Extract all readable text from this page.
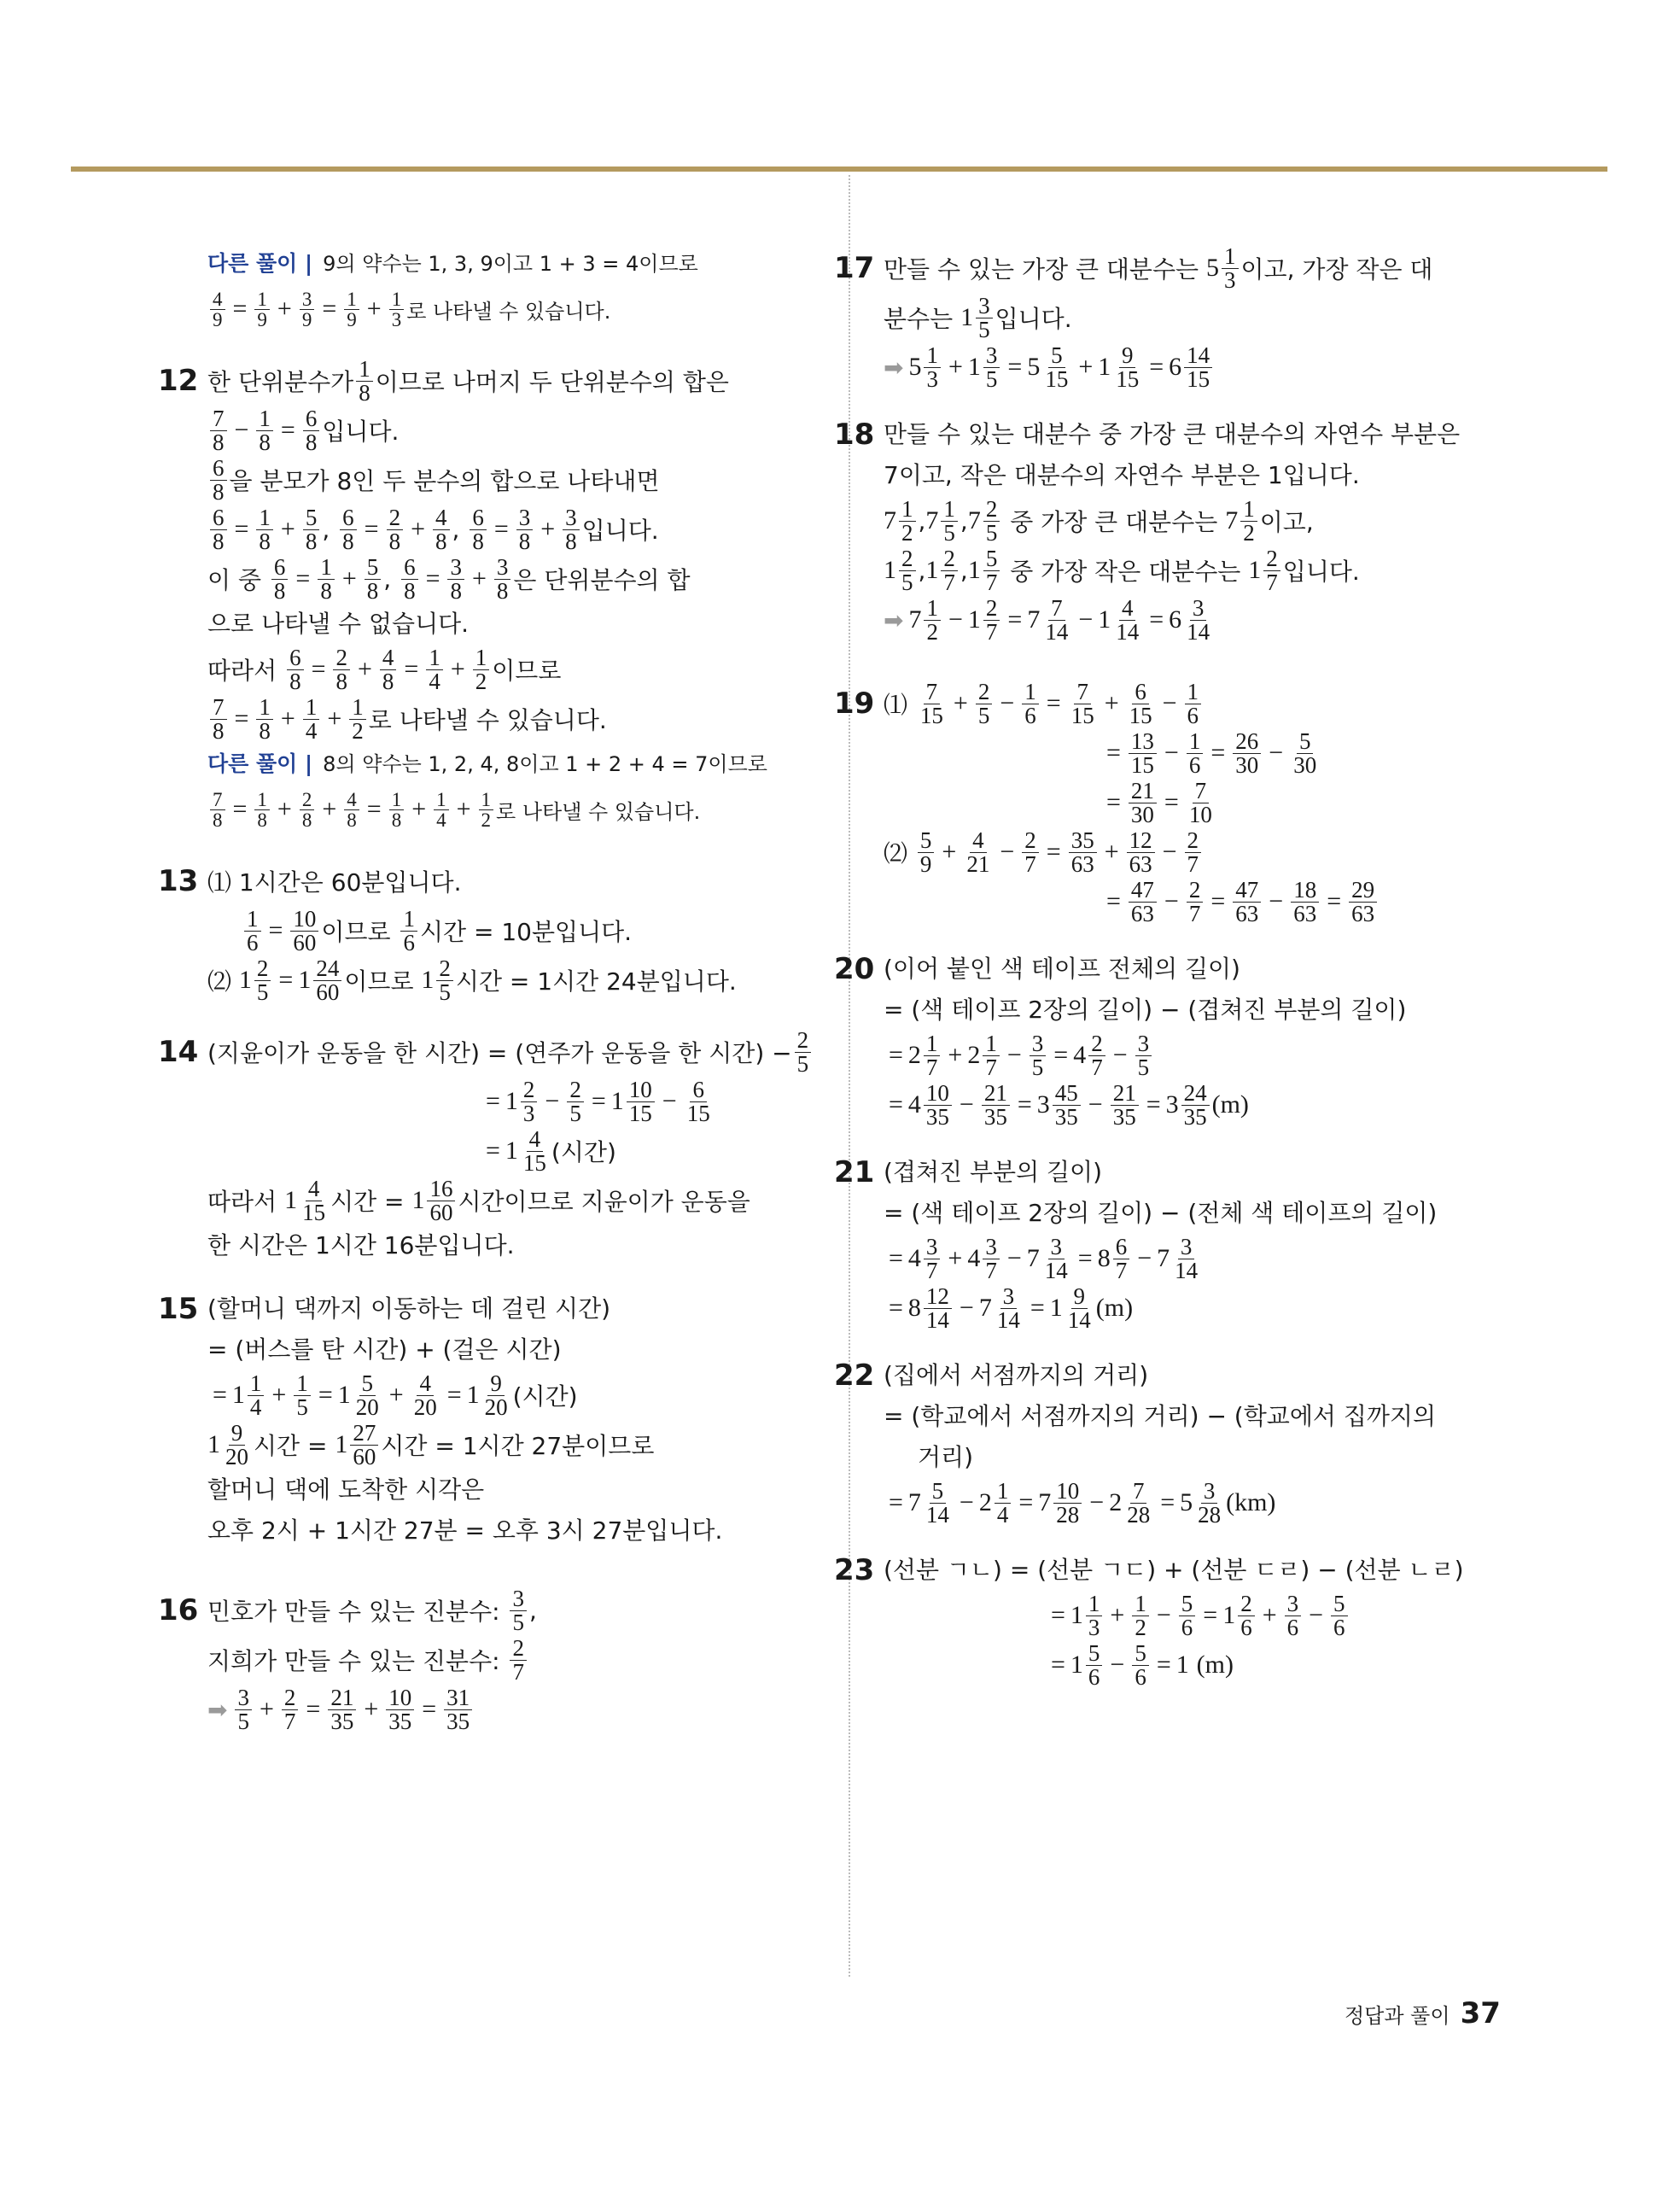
다른 풀이 | 9의 약수는 1, 3, 9이고 1 + 3 = 4이므로
$\frac{4}{9} = \frac{1}{9} + \frac{3}{9} = \frac{1}{9} + \frac{1}{3}$ 로 나타낼 수 있습니다.
12 한 단위분수가 $\frac{1}{8}$ 이므로 나머지 두 단위분수의 합은
$\frac{7}{8} - \frac{1}{8} = \frac{6}{8}$ 입니다.
$\frac{6}{8}$ 을 분모가 8인 두 분수의 합으로 나타내면
$\frac{6}{8} = \frac{1}{8} + \frac{5}{8}$ , $\frac{6}{8} = \frac{2}{8} + \frac{4}{8}$ , $\frac{6}{8} = \frac{3}{8} + \frac{3}{8}$ 입니다.
이 중
$\frac{6}{8} = \frac{1}{8} + \frac{5}{8}$ , $\frac{6}{8} = \frac{3}{8} + \frac{3}{8}$ 은 단위분수의 합
으로 나타낼 수 없습니다.
따라서
$\frac{6}{8} = \frac{2}{8} + \frac{4}{8} = \frac{1}{4} + \frac{1}{2}$ 이므로
$\frac{7}{8} = \frac{1}{8} + \frac{1}{4} + \frac{1}{2}$ 로 나타낼 수 있습니다.
다른 풀이 | 8의 약수는 1, 2, 4, 8이고 1 + 2 + 4 = 7이므로
$\frac{7}{8} = \frac{1}{8} + \frac{2}{8} + \frac{4}{8} = \frac{1}{8} + \frac{1}{4} + \frac{1}{2}$ 로 나타낼 수 있습니다.
13 ⑴ 1시간은 60분입니다.
$\frac{1}{6} = \frac{10}{60}$ 이므로
$\frac{1}{6}$ 시간 = 10분입니다.
⑵
$1 \frac{2}{5} = 1 \frac{24}{60}$ 이므로
$1 \frac{2}{5}$ 시간 = 1시간 24분입니다.
14 (지윤이가 운동을 한 시간) = (연주가 운동을 한 시간) − $\frac{2}{5}$
= $1 \frac{2}{3} - \frac{2}{5} = 1 \frac{10}{15} - \frac{6}{15}$
= $1 \frac{4}{15}$ (시간)
따라서
$1 \frac{4}{15}$ 시간 =
$1 \frac{16}{60}$ 시간이므로 지윤이가 운동을
한 시간은 1시간 16분입니다.
15 (할머니 댁까지 이동하는 데 걸린 시간)
= (버스를 탄 시간) + (걸은 시간)
= $1 \frac{1}{4} + \frac{1}{5} = 1 \frac{5}{20} + \frac{4}{20} = 1 \frac{9}{20}$ (시간)
$1 \frac{9}{20}$ 시간 =
$1 \frac{27}{60}$ 시간 = 1시간 27분이므로
할머니 댁에 도착한 시각은
오후 2시 + 1시간 27분 = 오후 3시 27분입니다.
16 민호가 만들 수 있는 진분수:
$\frac{3}{5}$ ,
지희가 만들 수 있는 진분수:
$\frac{2}{7}$
➡ $\frac{3}{5} + \frac{2}{7} = \frac{21}{35} + \frac{10}{35} = \frac{31}{35}$
17 만들 수 있는 가장 큰 대분수는
$5 \frac{1}{3}$ 이고, 가장 작은 대
분수는
$1 \frac{3}{5}$ 입니다.
➡ $5 \frac{1}{3} + 1 \frac{3}{5} = 5 \frac{5}{15} + 1 \frac{9}{15} = 6 \frac{14}{15}$
18 만들 수 있는 대분수 중 가장 큰 대분수의 자연수 부분은
7이고, 작은 대분수의 자연수 부분은 1입니다.
$7 \frac{1}{2}$ , $7 \frac{1}{5}$ , $7 \frac{2}{5}$
중 가장 큰 대분수는
$7 \frac{1}{2}$ 이고,
$1 \frac{2}{5}$ , $1 \frac{2}{7}$ , $1 \frac{5}{7}$
중 가장 작은 대분수는
$1 \frac{2}{7}$ 입니다.
➡ $7 \frac{1}{2} - 1 \frac{2}{7} = 7 \frac{7}{14} - 1 \frac{4}{14} = 6 \frac{3}{14}$
19 ⑴
$\frac{7}{15} + \frac{2}{5} - \frac{1}{6} = \frac{7}{15} + \frac{6}{15} - \frac{1}{6}$
= $\frac{13}{15} - \frac{1}{6} = \frac{26}{30} - \frac{5}{30}$
= $\frac{21}{30} = \frac{7}{10}$
⑵
$\frac{5}{9} + \frac{4}{21} - \frac{2}{7} = \frac{35}{63} + \frac{12}{63} - \frac{2}{7}$
= $\frac{47}{63} - \frac{2}{7} = \frac{47}{63} - \frac{18}{63} = \frac{29}{63}$
20 (이어 붙인 색 테이프 전체의 길이)
= (색 테이프 2장의 길이) − (겹쳐진 부분의 길이)
= $2 \frac{1}{7} + 2 \frac{1}{7} - \frac{3}{5} = 4 \frac{2}{7} - \frac{3}{5}$
= $4 \frac{10}{35} - \frac{21}{35} = 3 \frac{45}{35} - \frac{21}{35} = 3 \frac{24}{35} (m)$
21 (겹쳐진 부분의 길이)
= (색 테이프 2장의 길이) − (전체 색 테이프의 길이)
= $4 \frac{3}{7} + 4 \frac{3}{7} - 7 \frac{3}{14} = 8 \frac{6}{7} - 7 \frac{3}{14}$
= $8 \frac{12}{14} - 7 \frac{3}{14} = 1 \frac{9}{14} (m)$
22 (집에서 서점까지의 거리)
= (학교에서 서점까지의 거리) − (학교에서 집까지의
거리)
= $7 \frac{5}{14} - 2 \frac{1}{4} = 7 \frac{10}{28} - 2 \frac{7}{28} = 5 \frac{3}{28} (km)$
23 (선분 ㄱㄴ) = (선분 ㄱㄷ) + (선분 ㄷㄹ) − (선분 ㄴㄹ)
= $1 \frac{1}{3} + \frac{1}{2} - \frac{5}{6} = 1 \frac{2}{6} + \frac{3}{6} - \frac{5}{6}$
= $1 \frac{5}{6} - \frac{5}{6} = 1$
(m)
정답과 풀이 37
